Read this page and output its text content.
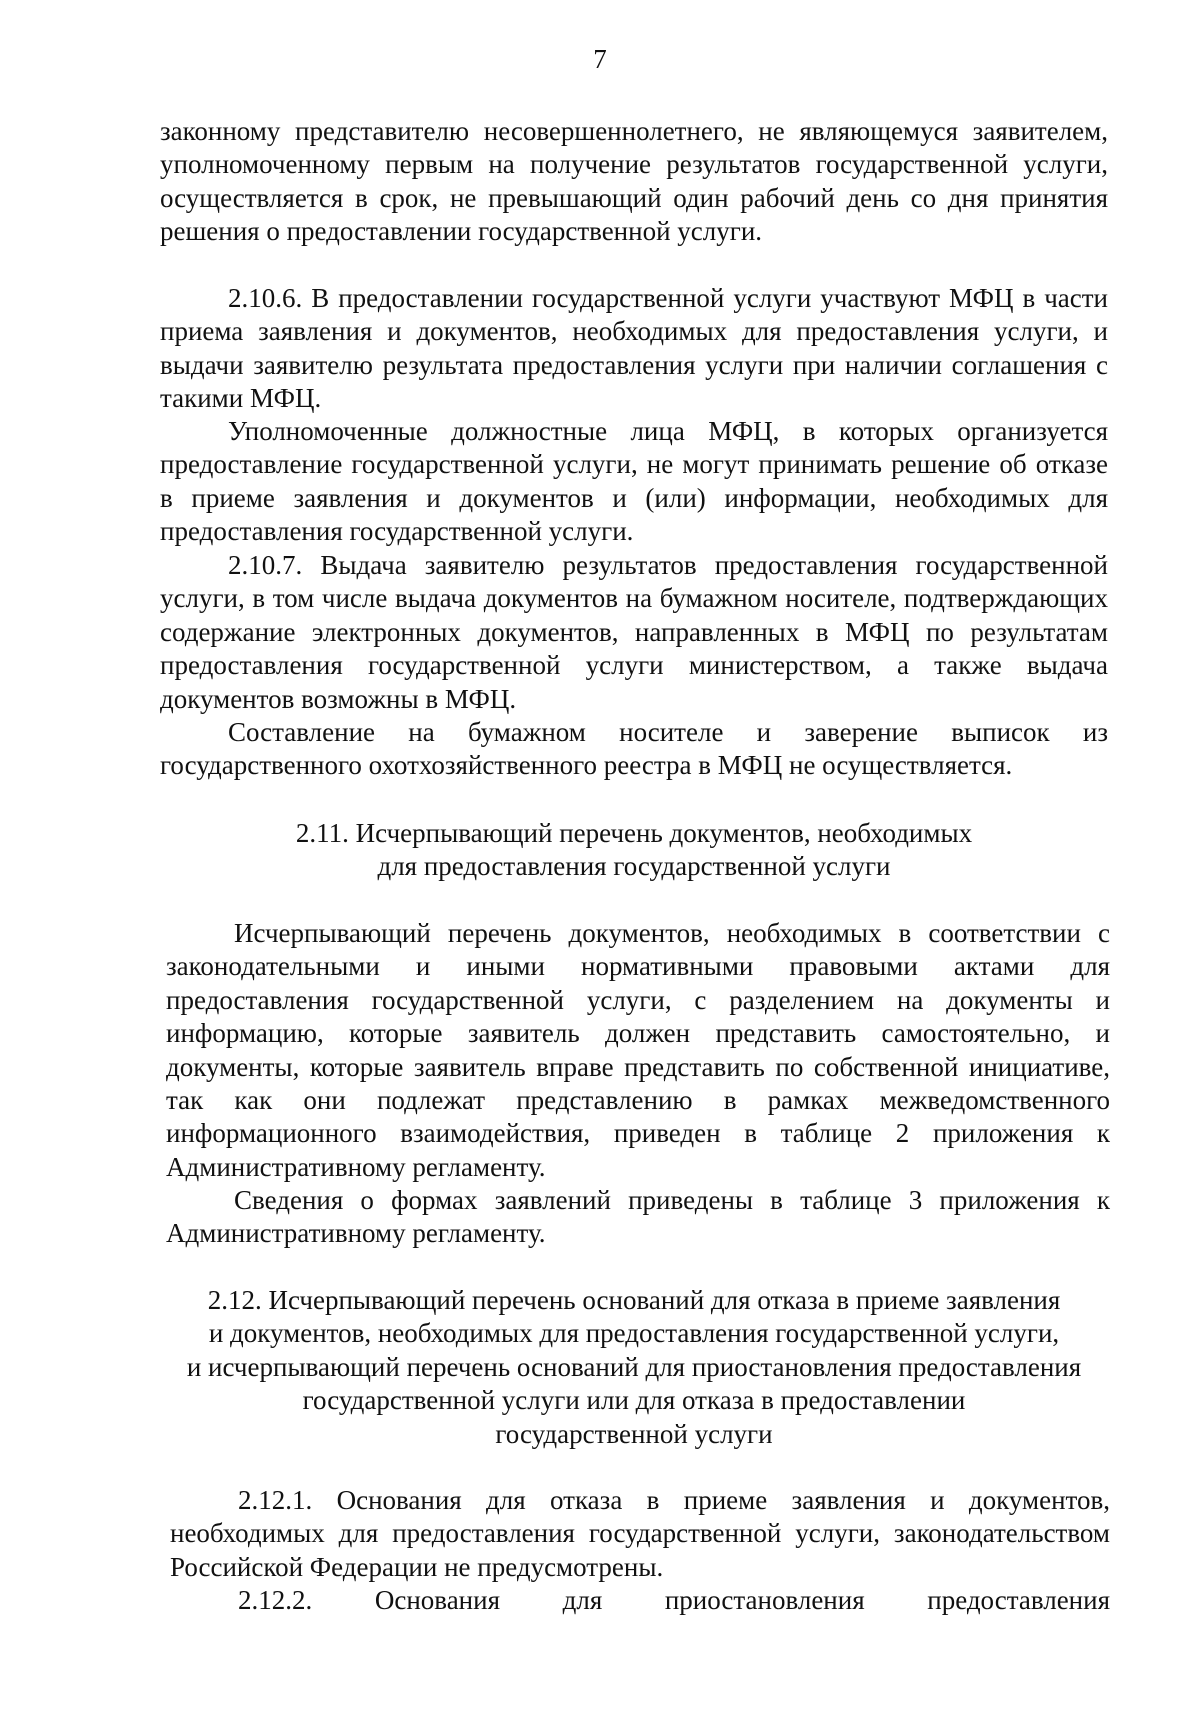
7
законному представителю несовершеннолетнего, не являющемуся заявителем, уполномоченному первым на получение результатов государственной услуги, осуществляется в срок, не превышающий один рабочий день со дня принятия решения о предоставлении государственной услуги.
2.10.6. В предоставлении государственной услуги участвуют МФЦ в части приема заявления и документов, необходимых для предоставления услуги, и выдачи заявителю результата предоставления услуги при наличии соглашения с такими МФЦ.
Уполномоченные должностные лица МФЦ, в которых организуется предоставление государственной услуги, не могут принимать решение об отказе в приеме заявления и документов и (или) информации, необходимых для предоставления государственной услуги.
2.10.7. Выдача заявителю результатов предоставления государственной услуги, в том числе выдача документов на бумажном носителе, подтверждающих содержание электронных документов, направленных в МФЦ по результатам предоставления государственной услуги министерством, а также выдача документов возможны в МФЦ.
Составление на бумажном носителе и заверение выписок из государственного охотхозяйственного реестра в МФЦ не осуществляется.
2.11. Исчерпывающий перечень документов, необходимых
для предоставления государственной услуги
Исчерпывающий перечень документов, необходимых в соответствии с законодательными и иными нормативными правовыми актами для предоставления государственной услуги, с разделением на документы и информацию, которые заявитель должен представить самостоятельно, и документы, которые заявитель вправе представить по собственной инициативе, так как они подлежат представлению в рамках межведомственного информационного взаимодействия, приведен в таблице 2 приложения к Административному регламенту.
Сведения о формах заявлений приведены в таблице 3 приложения к Административному регламенту.
2.12. Исчерпывающий перечень оснований для отказа в приеме заявления
и документов, необходимых для предоставления государственной услуги,
и исчерпывающий перечень оснований для приостановления предоставления
государственной услуги или для отказа в предоставлении
государственной услуги
2.12.1. Основания для отказа в приеме заявления и документов, необходимых для предоставления государственной услуги, законодательством Российской Федерации не предусмотрены.
2.12.2. Основания для приостановления предоставления
